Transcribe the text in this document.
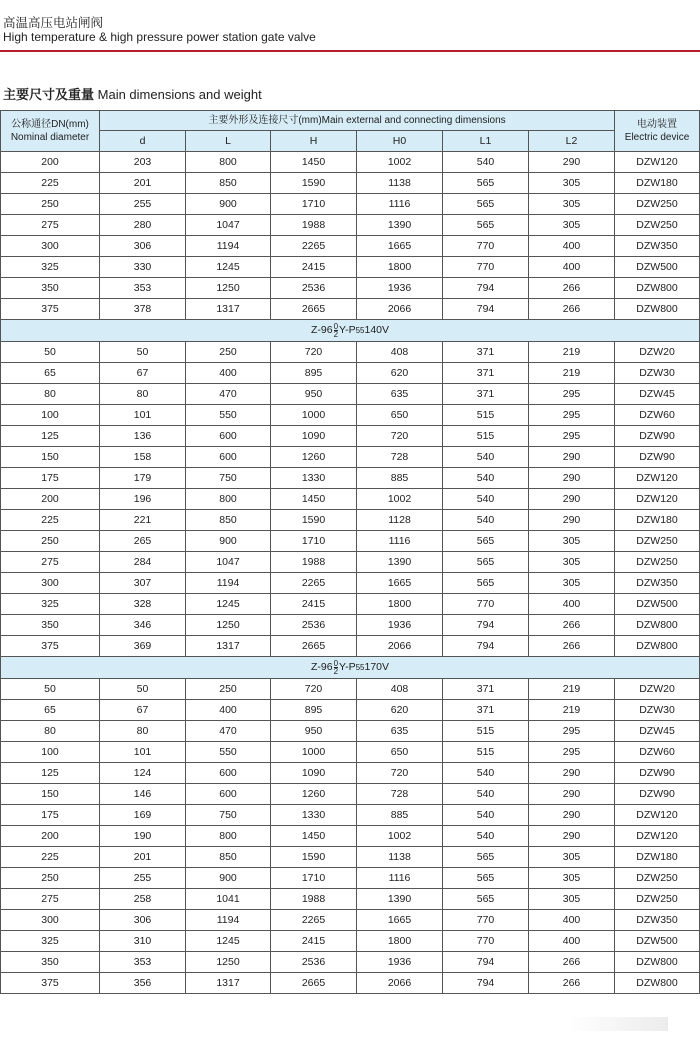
高温高压电站闸阀
High temperature & high pressure power station gate valve
主要尺寸及重量 Main dimensions and weight
公称通径DN(mm)
Nominal diameter	主要外形及连接尺寸(mm)Main external and connecting dimensions						电动装置
Electric device
	d	L	H	H0	L1	L2	
200	203	800	1450	1002	540	290	DZW120
225	201	850	1590	1138	565	305	DZW180
250	255	900	1710	1116	565	305	DZW250
275	280	1047	1988	1390	565	305	DZW250
300	306	1194	2265	1665	770	400	DZW350
325	330	1245	2415	1800	770	400	DZW500
350	353	1250	2536	1936	794	266	DZW800
375	378	1317	2665	2066	794	266	DZW800
$Z-96 \frac{0}{2} Y-P55140V$							
50	50	250	720	408	371	219	DZW20
65	67	400	895	620	371	219	DZW30
80	80	470	950	635	371	295	DZW45
100	101	550	1000	650	515	295	DZW60
125	136	600	1090	720	515	295	DZW90
150	158	600	1260	728	540	290	DZW90
175	179	750	1330	885	540	290	DZW120
200	196	800	1450	1002	540	290	DZW120
225	221	850	1590	1128	540	290	DZW180
250	265	900	1710	1116	565	305	DZW250
275	284	1047	1988	1390	565	305	DZW250
300	307	1194	2265	1665	565	305	DZW350
325	328	1245	2415	1800	770	400	DZW500
350	346	1250	2536	1936	794	266	DZW800
375	369	1317	2665	2066	794	266	DZW800
$Z-96 \frac{0}{2} Y-P55170V$							
50	50	250	720	408	371	219	DZW20
65	67	400	895	620	371	219	DZW30
80	80	470	950	635	515	295	DZW45
100	101	550	1000	650	515	295	DZW60
125	124	600	1090	720	540	290	DZW90
150	146	600	1260	728	540	290	DZW90
175	169	750	1330	885	540	290	DZW120
200	190	800	1450	1002	540	290	DZW120
225	201	850	1590	1138	565	305	DZW180
250	255	900	1710	1116	565	305	DZW250
275	258	1041	1988	1390	565	305	DZW250
300	306	1194	2265	1665	770	400	DZW350
325	310	1245	2415	1800	770	400	DZW500
350	353	1250	2536	1936	794	266	DZW800
375	356	1317	2665	2066	794	266	DZW800
